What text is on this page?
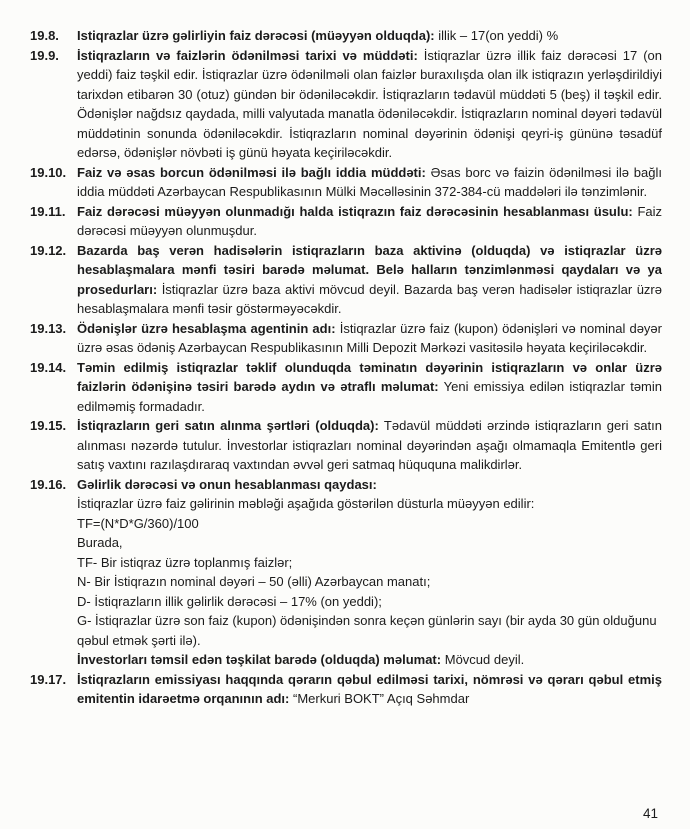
19.8.	Istiqrazlar üzrə gəlirliyin faiz dərəcəsi (müəyyən olduqda): illik – 17(on yeddi) %
19.9.	İstiqrazların və faizlərin ödənilməsi tarixi və müddəti: İstiqrazlar üzrə illik faiz dərəcəsi 17 (on yeddi) faiz təşkil edir. İstiqrazlar üzrə ödənilməli olan faizlər buraxılışda olan ilk istiqrazın yerləşdirildiyi tarixdən etibarən 30 (otuz) gündən bir ödəniləcəkdir. İstiqrazların tədavül müddəti 5 (beş) il təşkil edir. Ödənişlər nağdsız qaydada, milli valyutada manatla ödəniləcəkdir. İstiqrazların nominal dəyəri tədavül müddətinin sonunda ödəniləcəkdir. İstiqrazların nominal dəyərinin ödənişi qeyri-iş gününə təsadüf edərsə, ödənişlər növbəti iş günü həyata keçiriləcəkdir.
19.10. Faiz və əsas borcun ödənilməsi ilə bağlı iddia müddəti: Əsas borc və faizin ödənilməsi ilə bağlı iddia müddəti Azərbaycan Respublikasının Mülki Məcəlləsinin 372-384-cü maddələri ilə tənzimlənir.
19.11. Faiz dərəcəsi müəyyən olunmadığı halda istiqrazın faiz dərəcəsinin hesablanması üsulu: Faiz dərəcəsi müəyyən olunmuşdur.
19.12. Bazarda baş verən hadisələrin istiqrazların baza aktivinə (olduqda) və istiqrazlar üzrə hesablaşmalara mənfi təsiri barədə məlumat. Belə halların tənzimlənməsi qaydaları və ya prosedurları: İstiqrazlar üzrə baza aktivi mövcud deyil. Bazarda baş verən hadisələr istiqrazlar üzrə hesablaşmalara mənfi təsir göstərməyəcəkdir.
19.13. Ödənişlər üzrə hesablaşma agentinin adı: İstiqrazlar üzrə faiz (kupon) ödənişləri və nominal dəyər üzrə əsas ödəniş Azərbaycan Respublikasının Milli Depozit Mərkəzi vasitəsilə həyata keçiriləcəkdir.
19.14. Təmin edilmiş istiqrazlar təklif olunduqda təminatın dəyərinin istiqrazların və onlar üzrə faizlərin ödənişinə təsiri barədə aydın və ətraflı məlumat: Yeni emissiya edilən istiqrazlar təmin edilməmiş formadadır.
19.15. İstiqrazların geri satın alınma şərtləri (olduqda): Tədavül müddəti ərzində istiqrazların geri satın alınması nəzərdə tutulur. İnvestorlar istiqrazları nominal dəyərindən aşağı olmamaqla Emitentlə geri satış vaxtını razılaşdıraraq vaxtından əvvəl geri satmaq hüququna malikdirlər.
19.16. Gəlirlik dərəcəsi və onun hesablanması qaydası:
İstiqrazlar üzrə faiz gəlirinin məbləği aşağıda göstərilən düsturla müəyyən edilir:
TF=(N*D*G/360)/100
Burada,
TF- Bir istiqraz üzrə toplanmış faizlər;
N- Bir İstiqrazın nominal dəyəri – 50 (əlli) Azərbaycan manatı;
D- İstiqrazların illik gəlirlik dərəcəsi – 17% (on yeddi);
G- İstiqrazlar üzrə son faiz (kupon) ödənişindən sonra keçən günlərin sayı (bir ayda 30 gün olduğunu qəbul etmək şərti ilə).
İnvestorları təmsil edən təşkilat barədə (olduqda) məlumat: Mövcud deyil.
19.17. İstiqrazların emissiyası haqqında qərarın qəbul edilməsi tarixi, nömrəsi və qərarı qəbul etmiş emitentin idarəetmə orqanının adı: “Merkuri BOKT” Açıq Səhmdar
41
